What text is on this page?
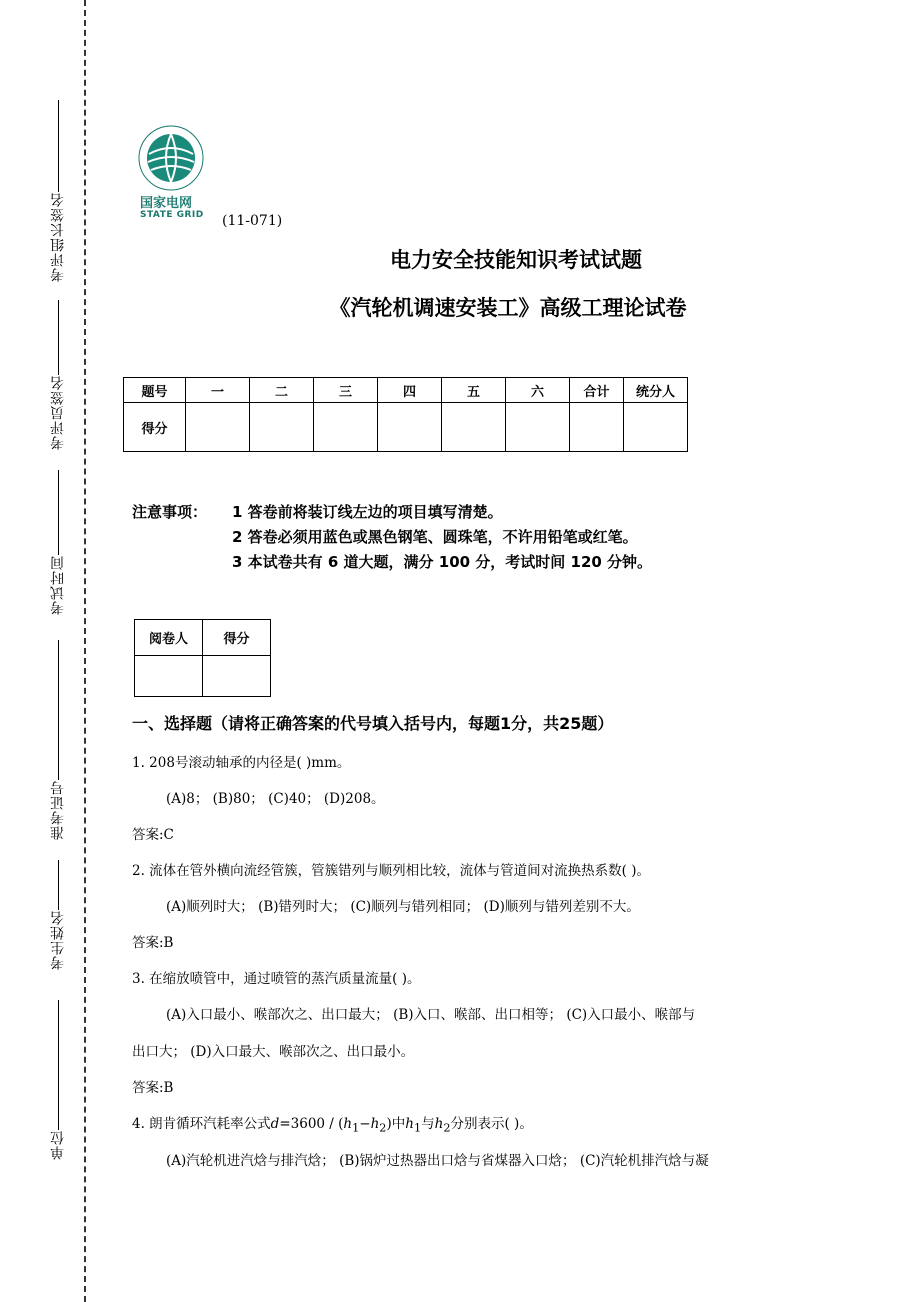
考评组长签名
考评员签名
考试时间
准考证号
考生姓名
单位
国家电网
STATE GRID (11-071)
电力安全技能知识考试试题
《汽轮机调速安装工》高级工理论试卷
题号	一	二	三	四	五	六	合计	统分人
得分								
注意事项： 1 答卷前将装订线左边的项目填写清楚。
2 答卷必须用蓝色或黑色钢笔、圆珠笔，不许用铅笔或红笔。
3 本试卷共有 6 道大题，满分 100 分，考试时间 120 分钟。
阅卷人	得分

一、选择题（请将正确答案的代号填入括号内，每题1分，共25题）
1. 208号滚动轴承的内径是( )mm。
(A)8； (B)80； (C)40； (D)208。
答案:C
2. 流体在管外横向流经管簇，管簇错列与顺列相比较，流体与管道间对流换热系数( )。
(A)顺列时大； (B)错列时大； (C)顺列与错列相同； (D)顺列与错列差别不大。
答案:B
3. 在缩放喷管中，通过喷管的蒸汽质量流量( )。
(A)入口最小、喉部次之、出口最大； (B)入口、喉部、出口相等； (C)入口最小、喉部与
出口大； (D)入口最大、喉部次之、出口最小。
答案:B
4. 朗肯循环汽耗率公式$d=3600 / (h_1-h_2)$中$h_1$与$h_2$分别表示( )。
(A)汽轮机进汽焓与排汽焓； (B)锅炉过热器出口焓与省煤器入口焓； (C)汽轮机排汽焓与凝
